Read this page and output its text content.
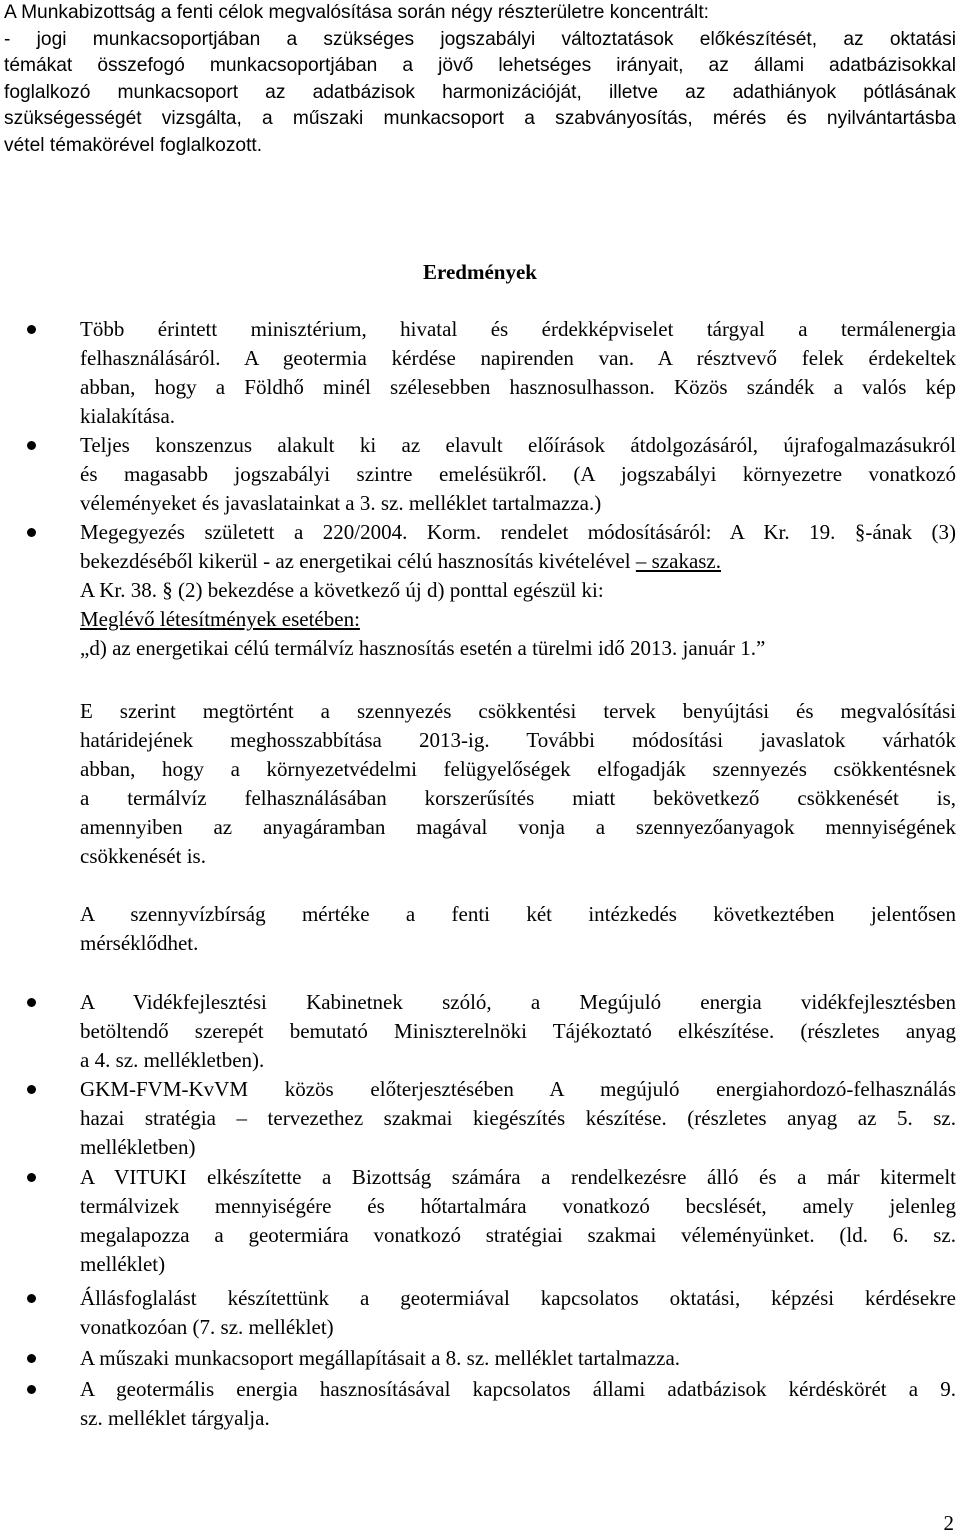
A Munkabizottság a fenti célok megvalósítása során négy részterületre koncentrált:
- jogi munkacsoportjában a szükséges jogszabályi változtatások előkészítését, az oktatási
témákat összefogó munkacsoportjában a jövő lehetséges irányait, az állami adatbázisokkal
foglalkozó munkacsoport az adatbázisok harmonizációját, illetve az adathiányok pótlásának
szükségességét vizsgálta, a műszaki munkacsoport a szabványosítás, mérés és nyilvántartásba
vétel témakörével foglalkozott.

Eredmények
Több érintett minisztérium, hivatal és érdekképviselet tárgyal a termálenergia
felhasználásáról. A geotermia kérdése napirenden van. A résztvevő felek érdekeltek
abban, hogy a Földhő minél szélesebben hasznosulhasson. Közös szándék a valós kép
kialakítása.
Teljes konszenzus alakult ki az elavult előírások átdolgozásáról, újrafogalmazásukról
és magasabb jogszabályi szintre emelésükről. (A jogszabályi környezetre vonatkozó
véleményeket és javaslatainkat a 3. sz. melléklet tartalmazza.)
Megegyezés született a 220/2004. Korm. rendelet módosításáról: A Kr. 19. §-ának (3)
bekezdéséből kikerül - az energetikai célú hasznosítás kivételével – szakasz.
A Kr. 38. § (2) bekezdése a következő új d) ponttal egészül ki:
Meglévő létesítmények esetében:
„d) az energetikai célú termálvíz hasznosítás esetén a türelmi idő 2013. január 1.”

E szerint megtörtént a szennyezés csökkentési tervek benyújtási és megvalósítási
határidejének meghosszabbítása 2013-ig. További módosítási javaslatok várhatók
abban, hogy a környezetvédelmi felügyelőségek elfogadják szennyezés csökkentésnek
a termálvíz felhasználásában korszerűsítés miatt bekövetkező csökkenését is,
amennyiben az anyagáramban magával vonja a szennyezőanyagok mennyiségének
csökkenését is.

A szennyvízbírság mértéke a fenti két intézkedés következtében jelentősen
mérséklődhet.

A Vidékfejlesztési Kabinetnek szóló, a Megújuló energia vidékfejlesztésben
betöltendő szerepét bemutató Miniszterelnöki Tájékoztató elkészítése. (részletes anyag
a 4. sz. mellékletben).
GKM-FVM-KvVM közös előterjesztésében A megújuló energiahordozó-felhasználás
hazai stratégia – tervezethez szakmai kiegészítés készítése. (részletes anyag az 5. sz.
mellékletben)
A VITUKI elkészítette a Bizottság számára a rendelkezésre álló és a már kitermelt
termálvizek mennyiségére és hőtartalmára vonatkozó becslését, amely jelenleg
megalapozza a geotermiára vonatkozó stratégiai szakmai véleményünket. (ld. 6. sz.
melléklet)
Állásfoglalást készítettünk a geotermiával kapcsolatos oktatási, képzési kérdésekre
vonatkozóan (7. sz. melléklet)
A műszaki munkacsoport megállapításait a 8. sz. melléklet tartalmazza.
A geotermális energia hasznosításával kapcsolatos állami adatbázisok kérdéskörét a 9.
sz. melléklet tárgyalja.
2
